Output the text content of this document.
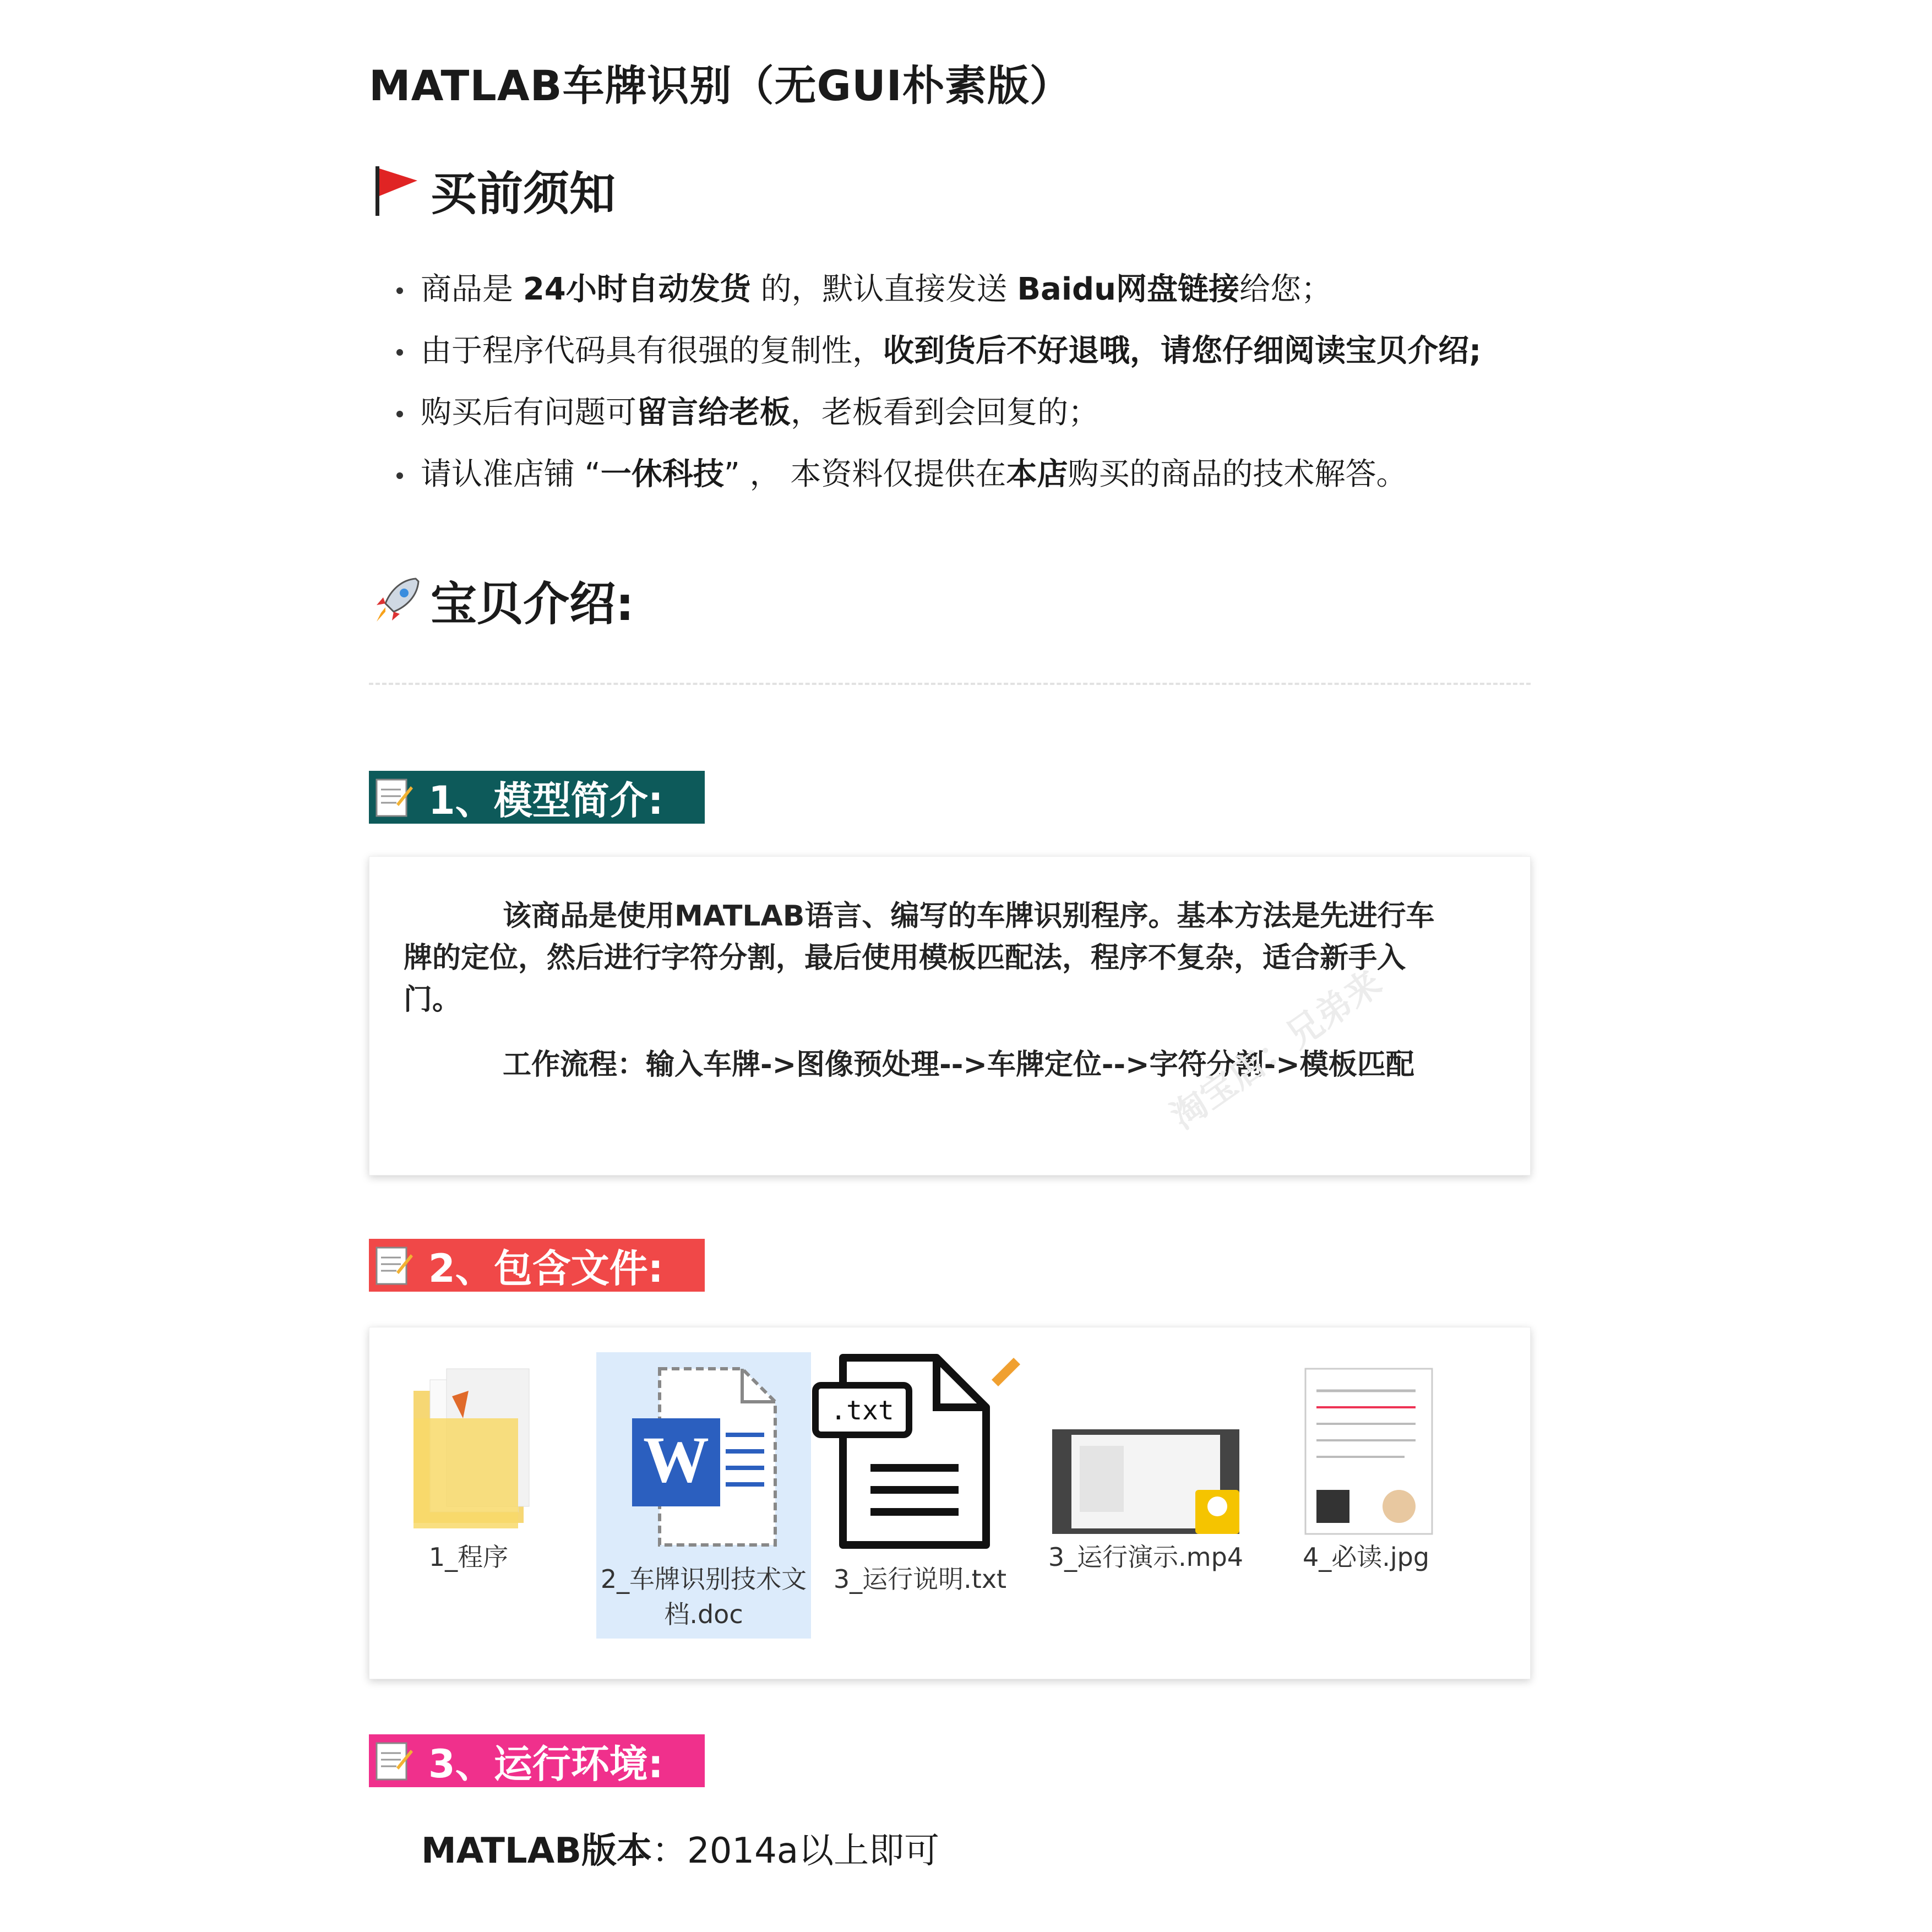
MATLAB车牌识别（无GUI朴素版）
买前须知
商品是 24小时自动发货 的，默认直接发送 Baidu网盘链接给您；
由于程序代码具有很强的复制性，收到货后不好退哦，请您仔细阅读宝贝介绍;
购买后有问题可留言给老板，老板看到会回复的；
请认准店铺 “一休科技” ， 本资料仅提供在本店购买的商品的技术解答。
宝贝介绍:
1、模型简介:
该商品是使用MATLAB语言、编写的车牌识别程序。基本方法是先进行车牌的定位，然后进行字符分割，最后使用模板匹配法，程序不复杂，适合新手入门。
工作流程：输入车牌->图像预处理-->车牌定位-->字符分割->模板匹配
淘宝店：兄弟来
2、包含文件:
1_程序
W
2_车牌识别技术文档.doc
.txt
3_运行说明.txt
3_运行演示.mp4	4_必读.jpg
3、运行环境:
MATLAB版本：2014a以上即可
